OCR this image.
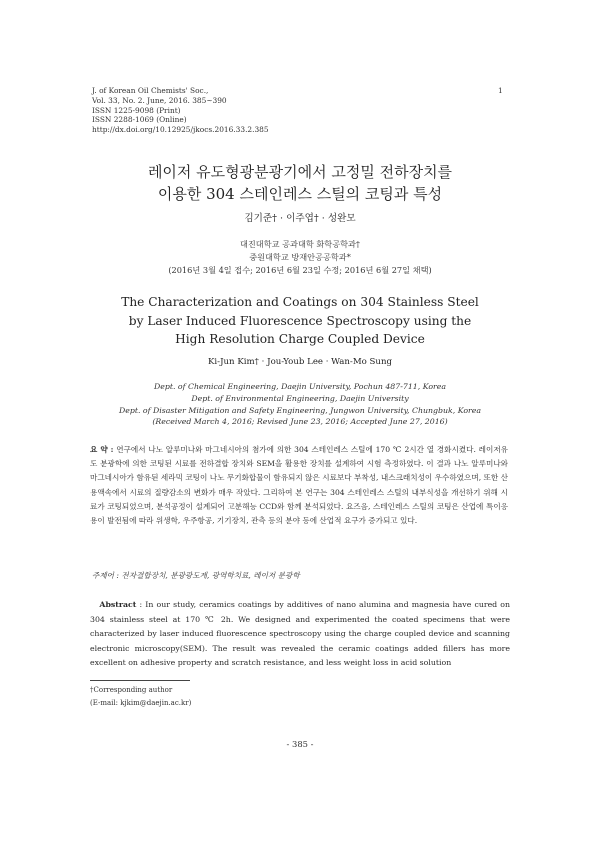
J. of Korean Oil Chemists' Soc.,
Vol. 33, No. 2. June, 2016. 385~390
ISSN 1225-9098 (Print)
ISSN 2288-1069 (Online)
http://dx.doi.org/10.12925/jkocs.2016.33.2.385
1
레이저 유도형광분광기에서 고정밀 전하장치를
이용한 304 스테인레스 스틸의 코팅과 특성
김기준† · 이주엽† · 성완모
대진대학교 공과대학 화학공학과†
중원대학교 방재안공공학과*
(2016년 3월 4일 접수; 2016년 6월 23일 수정; 2016년 6월 27일 채택)
The Characterization and Coatings on 304 Stainless Steel
by Laser Induced Fluorescence Spectroscopy using the
High Resolution Charge Coupled Device
Ki-Jun Kim† · Jou-Youb Lee · Wan-Mo Sung
Dept. of Chemical Engineering, Daejin University, Pochun 487-711, Korea
Dept. of Environmental Engineering, Daejin University
Dept. of Disaster Mitigation and Safety Engineering, Jungwon University, Chungbuk, Korea
(Received March 4, 2016; Revised June 23, 2016; Accepted June 27, 2016)
요 약 : 연구에서 나노 알루미나와 마그네시아의 첨가에 의한 304 스테인레스 스틸에 170 ℃ 2시간 열 경화시켰다. 레이저유도 분광학에 의한 코팅된 시료를 전하결합 장치와 SEM을 활용한 장치를 설계하여 시험 측정하였다. 이 결과 나노 알루미나와 마그네시아가 함유된 세라믹 코팅이 나노 무기화합물이 함유되지 않은 시료보다 부착성, 내스크래치성이 우수하였으며, 또한 산용액속에서 시료의 질량감소의 변화가 매우 작았다. 그리하여 본 연구는 304 스테인레스 스틸의 내부식성을 개선하기 위해 시료가 코팅되었으며, 분석공정이 설계되어 고분해능 CCD와 함께 분석되었다. 요즈음, 스테인레스 스틸의 코팅은 산업에 특이응용이 발전됨에 따라 위생학, 우주항공, 기기장치, 관측 등의 분야 등에 산업적 요구가 증가되고 있다.
주제어 : 전자결합장치, 분광광도계, 광역학치료, 레이저 분광학
Abstract : In our study, ceramics coatings by additives of nano alumina and magnesia have cured on 304 stainless steel at 170 ℃ 2h. We designed and experimented the coated specimens that were characterized by laser induced fluorescence spectroscopy using the charge coupled device and scanning electronic microscopy(SEM). The result was revealed the ceramic coatings added fillers has more excellent on adhesive property and scratch resistance, and less weight loss in acid solution
†Corresponding author
(E-mail: kjkim@daejin.ac.kr)
- 385 -
